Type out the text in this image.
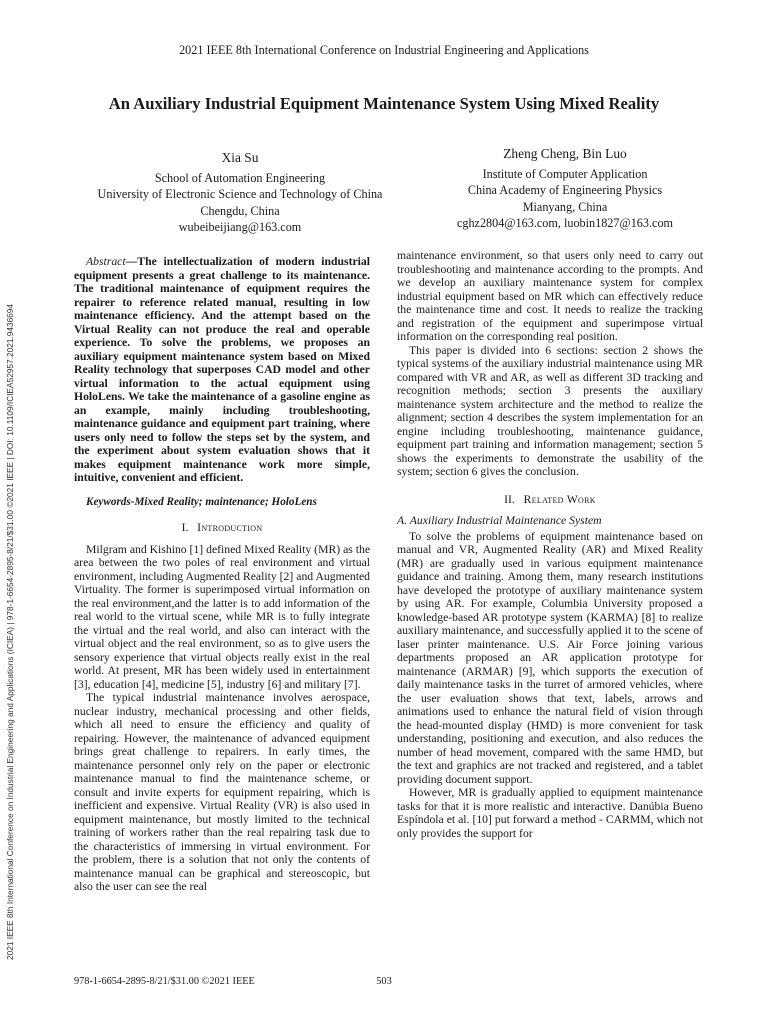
2021 IEEE 8th International Conference on Industrial Engineering and Applications
An Auxiliary Industrial Equipment Maintenance System Using Mixed Reality
Xia Su
School of Automation Engineering
University of Electronic Science and Technology of China
Chengdu, China
wubeibeijiang@163.com
Zheng Cheng, Bin Luo
Institute of Computer Application
China Academy of Engineering Physics
Mianyang, China
cghz2804@163.com, luobin1827@163.com
2021 IEEE 8th International Conference on Industrial Engineering and Applications (ICIEA) | 978-1-6654-2895-8/21/$31.00 ©2021 IEEE | DOI: 10.1109/ICIEA52957.2021.9436694

Abstract—The intellectualization of modern industrial equipment presents a great challenge to its maintenance. The traditional maintenance of equipment requires the repairer to reference related manual, resulting in low maintenance efficiency. And the attempt based on the Virtual Reality can not produce the real and operable experience. To solve the problems, we proposes an auxiliary equipment maintenance system based on Mixed Reality technology that superposes CAD model and other virtual information to the actual equipment using HoloLens. We take the maintenance of a gasoline engine as an example, mainly including troubleshooting, maintenance guidance and equipment part training, where users only need to follow the steps set by the system, and the experiment about system evaluation shows that it makes equipment maintenance work more simple, intuitive, convenient and efficient.

Keywords-Mixed Reality; maintenance; HoloLens

I. Introduction

Milgram and Kishino [1] defined Mixed Reality (MR) as the area between the two poles of real environment and virtual environment, including Augmented Reality [2] and Augmented Virtuality. The former is superimposed virtual information on the real environment,and the latter is to add information of the real world to the virtual scene, while MR is to fully integrate the virtual and the real world, and also can interact with the virtual object and the real environment, so as to give users the sensory experience that virtual objects really exist in the real world. At present, MR has been widely used in entertainment [3], education [4], medicine [5], industry [6] and military [7].

The typical industrial maintenance involves aerospace, nuclear industry, mechanical processing and other fields, which all need to ensure the efficiency and quality of repairing. However, the maintenance of advanced equipment brings great challenge to repairers. In early times, the maintenance personnel only rely on the paper or electronic maintenance manual to find the maintenance scheme, or consult and invite experts for equipment repairing, which is inefficient and expensive. Virtual Reality (VR) is also used in equipment maintenance, but mostly limited to the technical training of workers rather than the real repairing task due to the characteristics of immersing in virtual environment. For the problem, there is a solution that not only the contents of maintenance manual can be graphical and stereoscopic, but also the user can see the real

maintenance environment, so that users only need to carry out troubleshooting and maintenance according to the prompts. And we develop an auxiliary maintenance system for complex industrial equipment based on MR which can effectively reduce the maintenance time and cost. It needs to realize the tracking and registration of the equipment and superimpose virtual information on the corresponding real position.

This paper is divided into 6 sections: section 2 shows the typical systems of the auxiliary industrial maintenance using MR compared with VR and AR, as well as different 3D tracking and recognition methods; section 3 presents the auxiliary maintenance system architecture and the method to realize the alignment; section 4 describes the system implementation for an engine including troubleshooting, maintenance guidance, equipment part training and information management; section 5 shows the experiments to demonstrate the usability of the system; section 6 gives the conclusion.

II. Related Work

A. Auxiliary Industrial Maintenance System

To solve the problems of equipment maintenance based on manual and VR, Augmented Reality (AR) and Mixed Reality (MR) are gradually used in various equipment maintenance guidance and training. Among them, many research institutions have developed the prototype of auxiliary maintenance system by using AR. For example, Columbia University proposed a knowledge-based AR prototype system (KARMA) [8] to realize auxiliary maintenance, and successfully applied it to the scene of laser printer maintenance. U.S. Air Force joining various departments proposed an AR application prototype for maintenance (ARMAR) [9], which supports the execution of daily maintenance tasks in the turret of armored vehicles, where the user evaluation shows that text, labels, arrows and animations used to enhance the natural field of vision through the head-mounted display (HMD) is more convenient for task understanding, positioning and execution, and also reduces the number of head movement, compared with the same HMD, but the text and graphics are not tracked and registered, and a tablet providing document support.

However, MR is gradually applied to equipment maintenance tasks for that it is more realistic and interactive. Danúbia Bueno Espíndola et al. [10] put forward a method - CARMM, which not only provides the support for

978-1-6654-2895-8/21/$31.00 ©2021 IEEE	503
